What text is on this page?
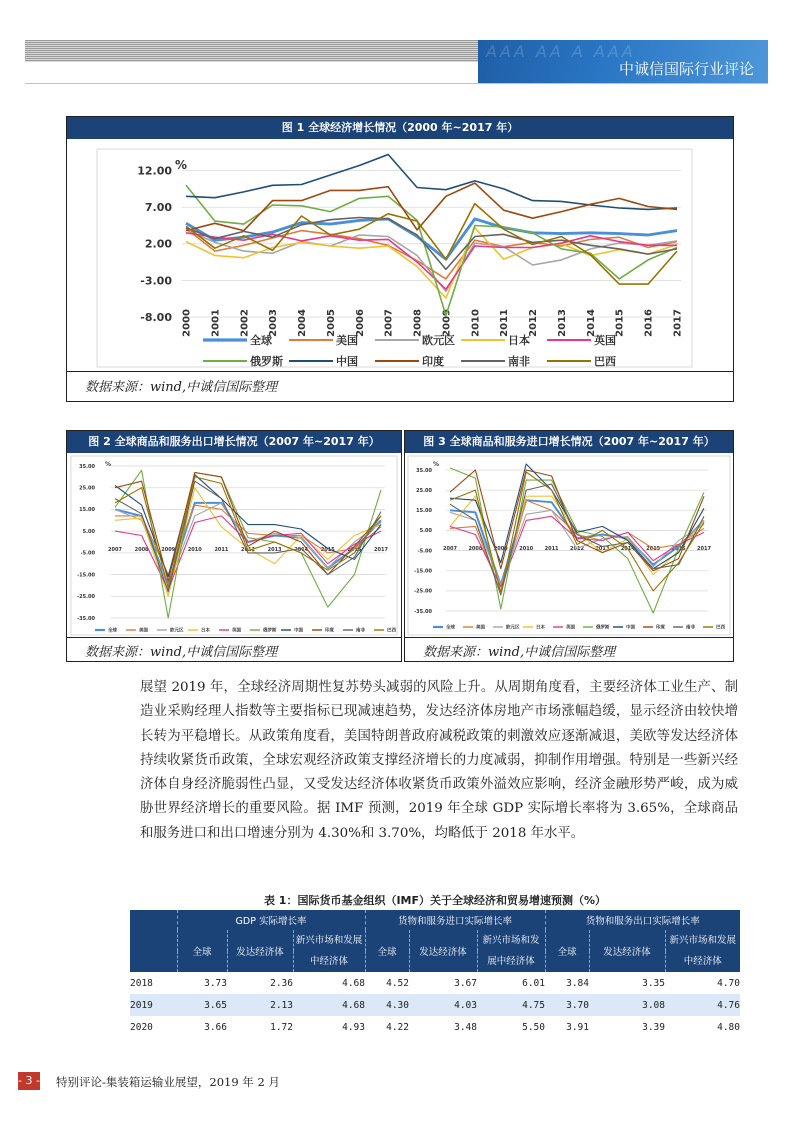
AAA AA A AAA
中诚信国际行业评论
图 1 全球经济增长情况（2000 年~2017 年）
12.00
7.00
2.00
-3.00
-8.00
%
2000 2001 2002 2003 2004 2005 2006 2007 2008 2009 2010 2011 2012 2013 2014 2015 2016 2017
全球	美国	欧元区	日本	英国
俄罗斯	中国	印度	南非	巴西
数据来源：wind,中诚信国际整理
图 2 全球商品和服务出口增长情况（2007 年~2017 年）
35.00
25.00
15.00
5.00
-5.00
-15.00
-25.00
-35.00
%
2007	2008	2009	2010	2011	2012	2013	2014	2015	2016	2017
全球	美国	欧元区	日本	英国	俄罗斯	中国	印度	南非	巴西
数据来源：wind,中诚信国际整理
图 3 全球商品和服务进口增长情况（2007 年~2017 年）
35.00
25.00
15.00
5.00
-5.00
-15.00
-25.00
-35.00
%
2007 2008 2009 2010 2011 2012 2013 2014 2015 2016 2017
全球	美国	欧元区	日本	英国	俄罗斯	中国	印度	南非	巴西
数据来源：wind,中诚信国际整理
展望 2019 年，全球经济周期性复苏势头减弱的风险上升。从周期角度看，主要经济体工业生产、制造业采购经理人指数等主要指标已现减速趋势，发达经济体房地产市场涨幅趋缓，显示经济由较快增长转为平稳增长。从政策角度看，美国特朗普政府减税政策的刺激效应逐渐减退，美欧等发达经济体持续收紧货币政策，全球宏观经济政策支撑经济增长的力度减弱，抑制作用增强。特别是一些新兴经济体自身经济脆弱性凸显，又受发达经济体收紧货币政策外溢效应影响，经济金融形势严峻，成为威胁世界经济增长的重要风险。据 IMF 预测，2019 年全球 GDP 实际增长率将为 3.65%，全球商品和服务进口和出口增速分别为 4.30%和 3.70%，均略低于 2018 年水平。
表 1：国际货币基金组织（IMF）关于全球经济和贸易增速预测（%）
	GDP 实际增长率			货物和服务进口实际增长率			货物和服务出口实际增长率		
	全球	发达经济体	新兴市场和发展中经济体	全球	发达经济体	新兴市场和发展中经济体	全球	发达经济体	新兴市场和发展中经济体

2018	3.73	2.36	4.68	4.52	3.67	6.01	3.84	3.35	4.70
2019	3.65	2.13	4.68	4.30	4.03	4.75	3.70	3.08	4.76
2020	3.66	1.72	4.93	4.22	3.48	5.50	3.91	3.39	4.80
- 3 - 特别评论-集装箱运输业展望，2019 年 2 月
